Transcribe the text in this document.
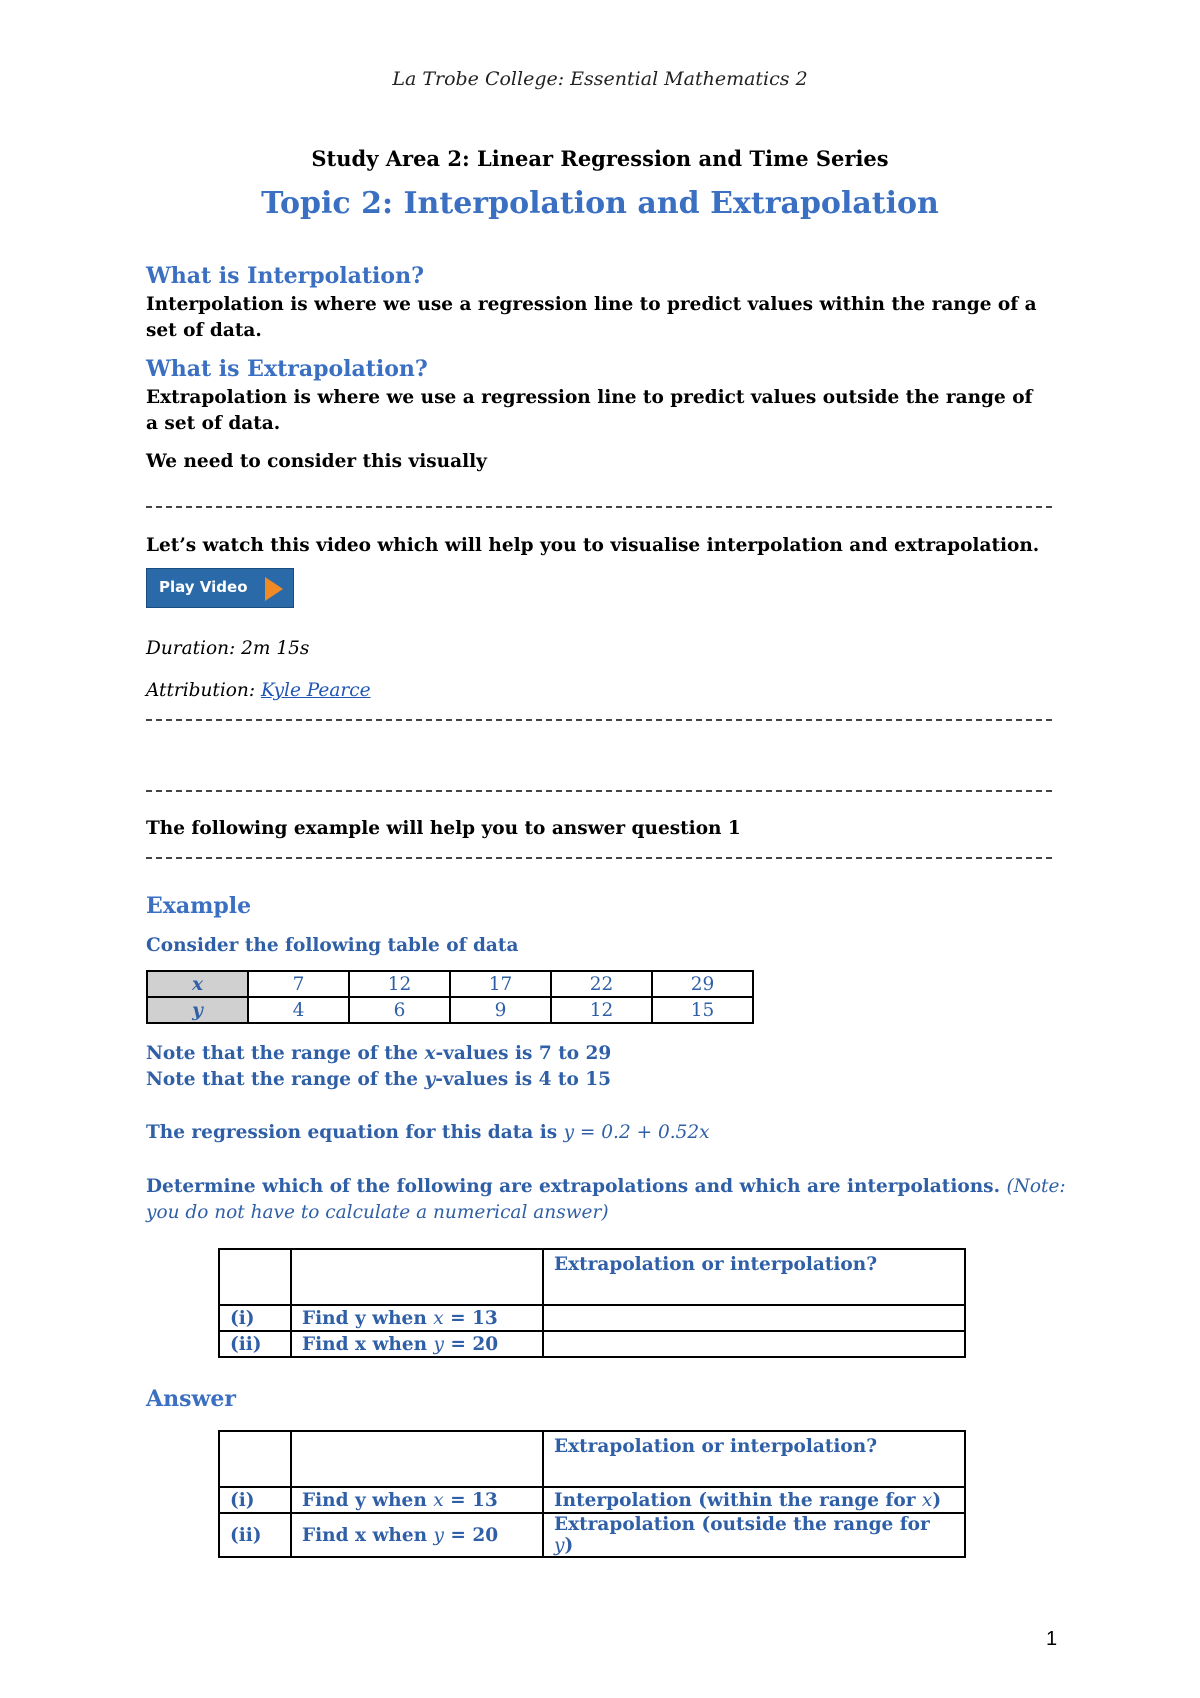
La Trobe College: Essential Mathematics 2
Study Area 2: Linear Regression and Time Series
Topic 2: Interpolation and Extrapolation
What is Interpolation?
Interpolation is where we use a regression line to predict values within the range of a set of data.
What is Extrapolation?
Extrapolation is where we use a regression line to predict values outside the range of a set of data.
We need to consider this visually
Let’s watch this video which will help you to visualise interpolation and extrapolation.
Play Video
Duration: 2m 15s
Attribution: Kyle Pearce
The following example will help you to answer question 1
Example
Consider the following table of data
x	7	12	17	22	29
y	4	6	9	12	15
Note that the range of the x-values is 7 to 29
Note that the range of the y-values is 4 to 15
The regression equation for this data is y = 0.2 + 0.52x
Determine which of the following are extrapolations and which are interpolations. (Note: you do not have to calculate a numerical answer)
		Extrapolation or interpolation?
(i)	Find y when x = 13	
(ii)	Find x when y = 20	
Answer
		Extrapolation or interpolation?
(i)	Find y when x = 13	Interpolation (within the range for x)
(ii)	Find x when y = 20	Extrapolation (outside the range for y)
1
